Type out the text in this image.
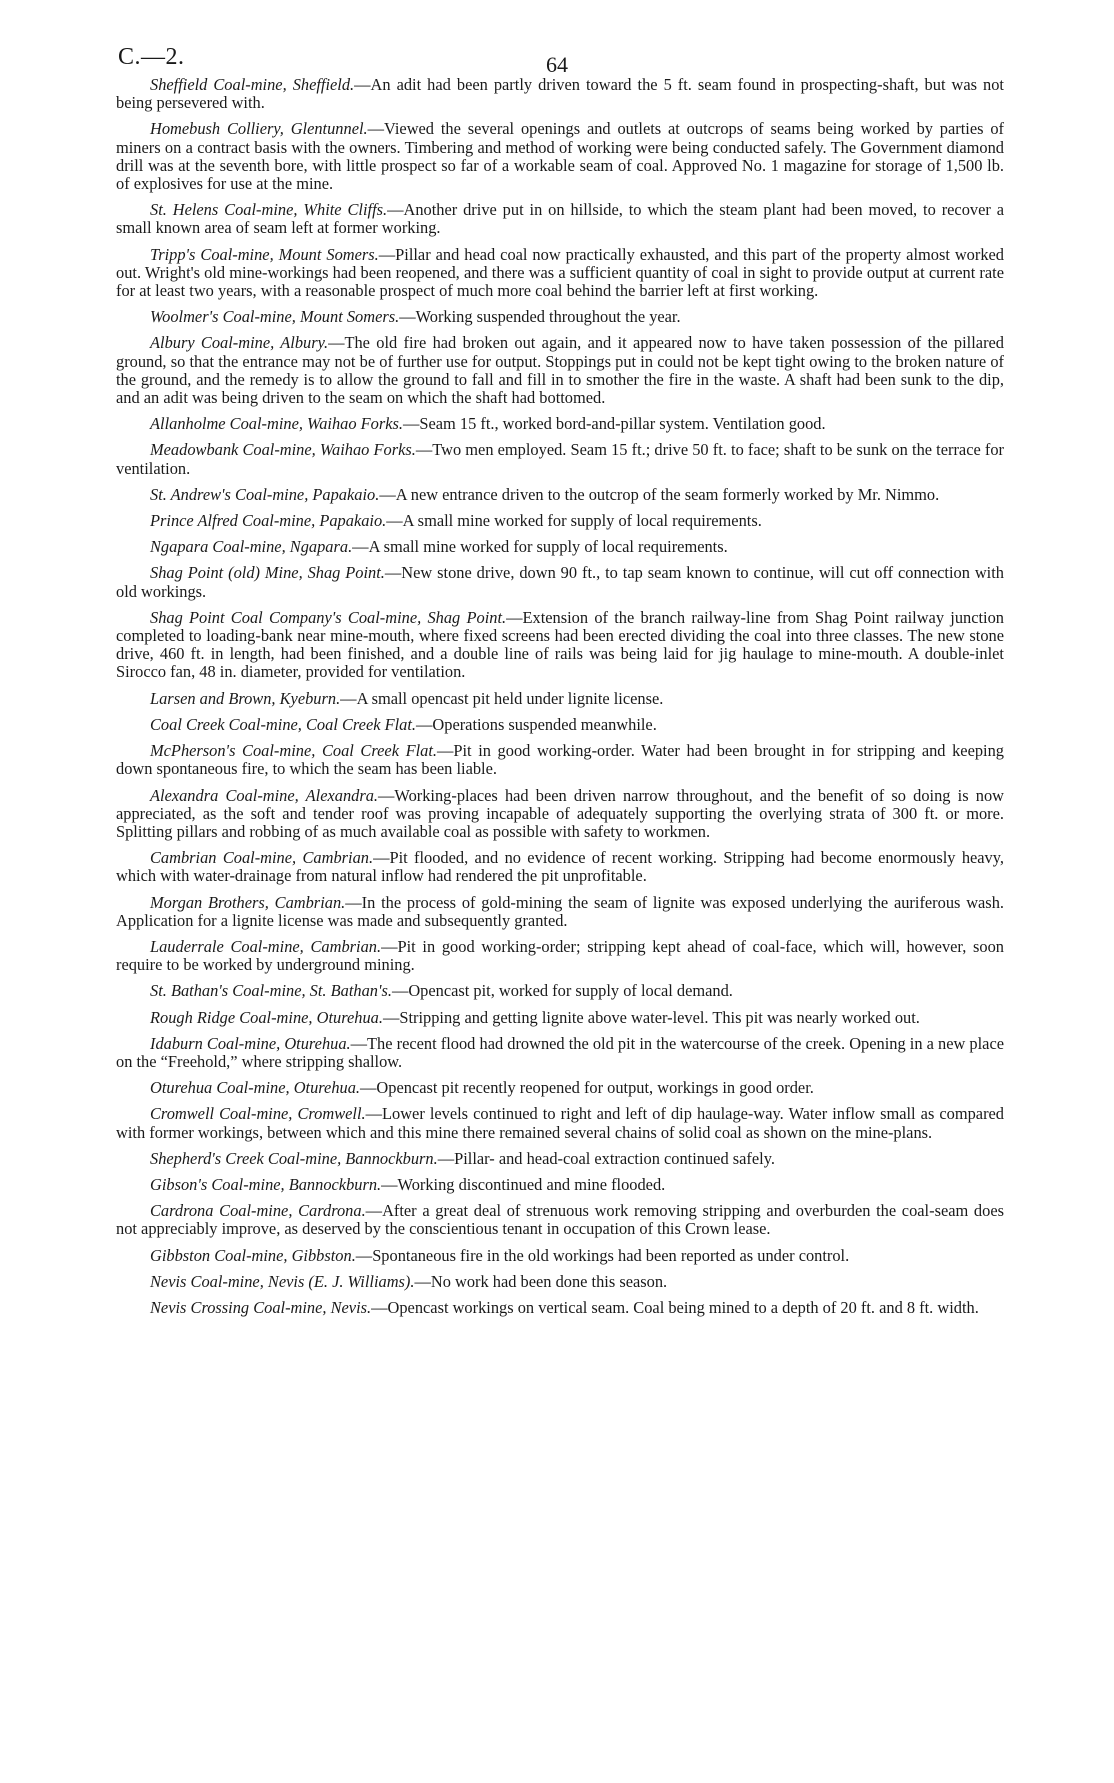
C.—2.	64

Sheffield Coal-mine, Sheffield.—An adit had been partly driven toward the 5 ft. seam found in prospecting-shaft, but was not being persevered with.

Homebush Colliery, Glentunnel.—Viewed the several openings and outlets at outcrops of seams being worked by parties of miners on a contract basis with the owners. Timbering and method of working were being conducted safely. The Government diamond drill was at the seventh bore, with little prospect so far of a workable seam of coal. Approved No. 1 magazine for storage of 1,500 lb. of explosives for use at the mine.

St. Helens Coal-mine, White Cliffs.—Another drive put in on hillside, to which the steam plant had been moved, to recover a small known area of seam left at former working.

Tripp's Coal-mine, Mount Somers.—Pillar and head coal now practically exhausted, and this part of the property almost worked out. Wright's old mine-workings had been reopened, and there was a sufficient quantity of coal in sight to provide output at current rate for at least two years, with a reasonable prospect of much more coal behind the barrier left at first working.

Woolmer's Coal-mine, Mount Somers.—Working suspended throughout the year.

Albury Coal-mine, Albury.—The old fire had broken out again, and it appeared now to have taken possession of the pillared ground, so that the entrance may not be of further use for output. Stoppings put in could not be kept tight owing to the broken nature of the ground, and the remedy is to allow the ground to fall and fill in to smother the fire in the waste. A shaft had been sunk to the dip, and an adit was being driven to the seam on which the shaft had bottomed.

Allanholme Coal-mine, Waihao Forks.—Seam 15 ft., worked bord-and-pillar system. Ventilation good.

Meadowbank Coal-mine, Waihao Forks.—Two men employed. Seam 15 ft.; drive 50 ft. to face; shaft to be sunk on the terrace for ventilation.

St. Andrew's Coal-mine, Papakaio.—A new entrance driven to the outcrop of the seam formerly worked by Mr. Nimmo.

Prince Alfred Coal-mine, Papakaio.—A small mine worked for supply of local requirements.

Ngapara Coal-mine, Ngapara.—A small mine worked for supply of local requirements.

Shag Point (old) Mine, Shag Point.—New stone drive, down 90 ft., to tap seam known to continue, will cut off connection with old workings.

Shag Point Coal Company's Coal-mine, Shag Point.—Extension of the branch railway-line from Shag Point railway junction completed to loading-bank near mine-mouth, where fixed screens had been erected dividing the coal into three classes. The new stone drive, 460 ft. in length, had been finished, and a double line of rails was being laid for jig haulage to mine-mouth. A double-inlet Sirocco fan, 48 in. diameter, provided for ventilation.

Larsen and Brown, Kyeburn.—A small opencast pit held under lignite license.

Coal Creek Coal-mine, Coal Creek Flat.—Operations suspended meanwhile.

McPherson's Coal-mine, Coal Creek Flat.—Pit in good working-order. Water had been brought in for stripping and keeping down spontaneous fire, to which the seam has been liable.

Alexandra Coal-mine, Alexandra.—Working-places had been driven narrow throughout, and the benefit of so doing is now appreciated, as the soft and tender roof was proving incapable of adequately supporting the overlying strata of 300 ft. or more. Splitting pillars and robbing of as much available coal as possible with safety to workmen.

Cambrian Coal-mine, Cambrian.—Pit flooded, and no evidence of recent working. Stripping had become enormously heavy, which with water-drainage from natural inflow had rendered the pit unprofitable.

Morgan Brothers, Cambrian.—In the process of gold-mining the seam of lignite was exposed underlying the auriferous wash. Application for a lignite license was made and subsequently granted.

Lauderrale Coal-mine, Cambrian.—Pit in good working-order; stripping kept ahead of coal-face, which will, however, soon require to be worked by underground mining.

St. Bathan's Coal-mine, St. Bathan's.—Opencast pit, worked for supply of local demand.

Rough Ridge Coal-mine, Oturehua.—Stripping and getting lignite above water-level. This pit was nearly worked out.

Idaburn Coal-mine, Oturehua.—The recent flood had drowned the old pit in the watercourse of the creek. Opening in a new place on the “Freehold,” where stripping shallow.

Oturehua Coal-mine, Oturehua.—Opencast pit recently reopened for output, workings in good order.

Cromwell Coal-mine, Cromwell.—Lower levels continued to right and left of dip haulage-way. Water inflow small as compared with former workings, between which and this mine there remained several chains of solid coal as shown on the mine-plans.

Shepherd's Creek Coal-mine, Bannockburn.—Pillar- and head-coal extraction continued safely.

Gibson's Coal-mine, Bannockburn.—Working discontinued and mine flooded.

Cardrona Coal-mine, Cardrona.—After a great deal of strenuous work removing stripping and overburden the coal-seam does not appreciably improve, as deserved by the conscientious tenant in occupation of this Crown lease.

Gibbston Coal-mine, Gibbston.—Spontaneous fire in the old workings had been reported as under control.

Nevis Coal-mine, Nevis (E. J. Williams).—No work had been done this season.

Nevis Crossing Coal-mine, Nevis.—Opencast workings on vertical seam. Coal being mined to a depth of 20 ft. and 8 ft. width.
